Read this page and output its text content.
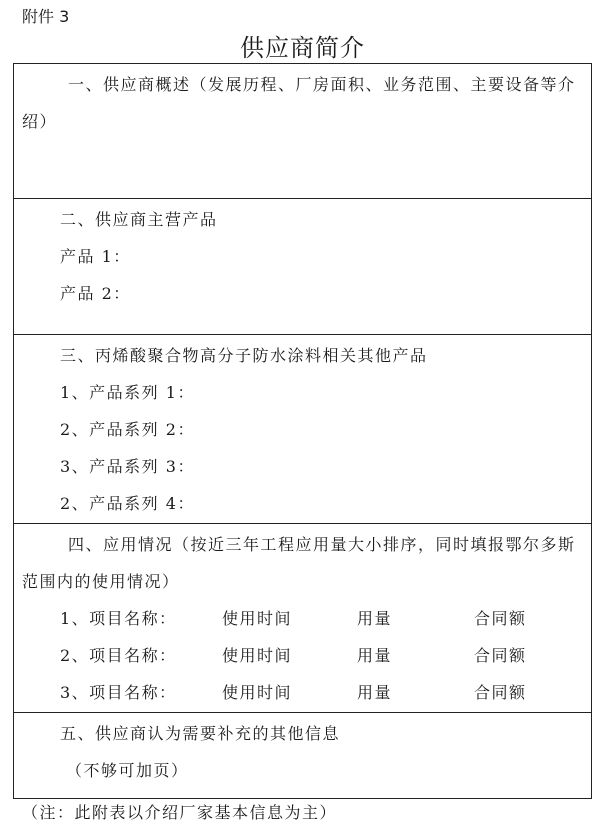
附件 3
供应商简介
一、供应商概述（发展历程、厂房面积、业务范围、主要设备等介绍）

二、供应商主营产品
产品 1：
产品 2：

三、丙烯酸聚合物高分子防水涂料相关其他产品
1、产品系列 1：
2、产品系列 2：
3、产品系列 3：
2、产品系列 4：

四、应用情况（按近三年工程应用量大小排序，同时填报鄂尔多斯范围内的使用情况）
1、项目名称：	使用时间	用量	合同额
2、项目名称：	使用时间	用量	合同额
3、项目名称：	使用时间	用量	合同额

五、供应商认为需要补充的其他信息
（不够可加页）
（注：此附表以介绍厂家基本信息为主）
